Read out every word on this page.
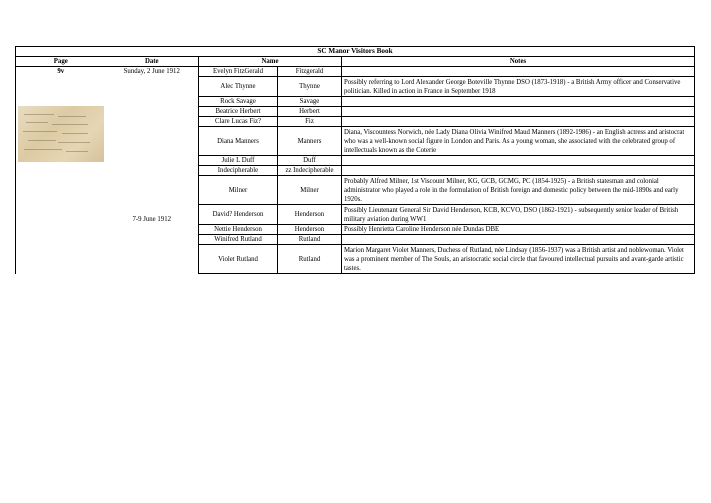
SC Manor Visitors Book				
Page	Date	Name		Notes

9v	Sunday, 2 June 1912	Evelyn FitzGerald	Fitzgerald	
		Alec Thynne	Thynne	Possibly referring to Lord Alexander George Boteville Thynne DSO (1873-1918) - a British Army officer and Conservative politician. Killed in action in France in September 1918
		Rock Savage	Savage	
		Beatrice Herbert	Herbert	
		Clare Lucas Fiz?	Fiz	
		Diana Manners	Manners	Diana, Viscountess Norwich, née Lady Diana Olivia Winifred Maud Manners (1892-1986) - an English actress and aristocrat who was a well-known social figure in London and Paris. As a young woman, she associated with the celebrated group of intellectuals known as the Coterie
		Julie L Duff	Duff	
	7-9 June 1912	Indecipherable	zz Indecipherable	
		Milner	Milner	Probably Alfred Milner, 1st Viscount Milner, KG, GCB, GCMG, PC (1854-1925) - a British statesman and colonial administrator who played a role in the formulation of British foreign and domestic policy between the mid-1890s and early 1920s.
		David? Henderson	Henderson	Possibly Lieutenant General Sir David Henderson, KCB, KCVO, DSO (1862-1921) - subsequently senior leader of British military aviation during WW1
		Nettie Henderson	Henderson	Possibly Henrietta Caroline Henderson née Dundas DBE
		Winifred Rutland	Rutland	
		Violet Rutland	Rutland	Marion Margaret Violet Manners, Duchess of Rutland, née Lindsay (1856-1937) was a British artist and noblewoman. Violet was a prominent member of The Souls, an aristocratic social circle that favoured intellectual pursuits and avant-garde artistic tastes.
